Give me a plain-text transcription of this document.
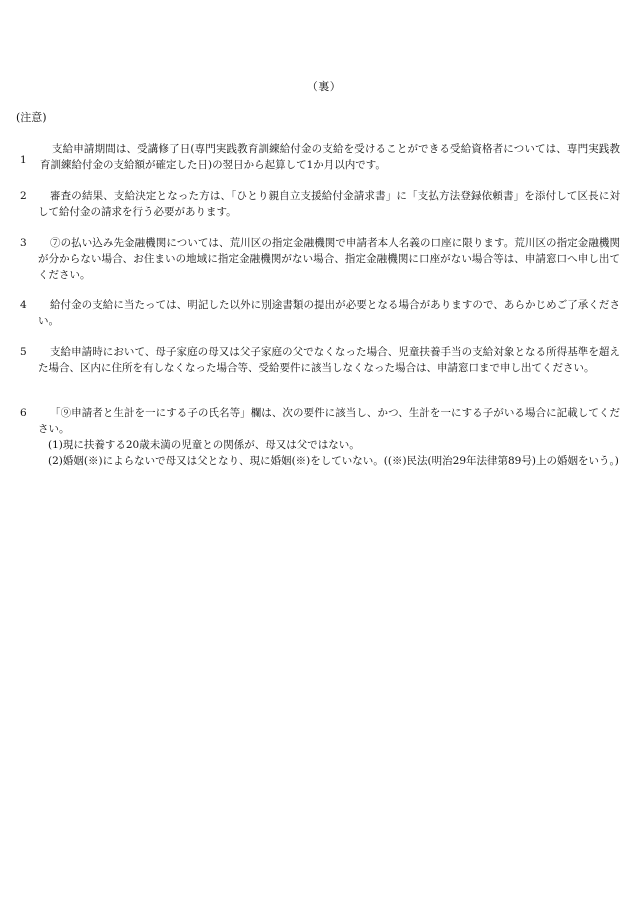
（裏）
(注意)
1
支給申請期間は、受講修了日(専門実践教育訓練給付金の支給を受けることができる受給資格者については、専門実践教育訓練給付金の支給額が確定した日)の翌日から起算して1か月以内です。
2	審査の結果、支給決定となった方は、「ひとり親自立支援給付金請求書」に「支払方法登録依頼書」を添付して区長に対して給付金の請求を行う必要があります。
3	⑦の払い込み先金融機関については、荒川区の指定金融機関で申請者本人名義の口座に限ります。荒川区の指定金融機関が分からない場合、お住まいの地域に指定金融機関がない場合、指定金融機関に口座がない場合等は、申請窓口へ申し出てください。
4	給付金の支給に当たっては、明記した以外に別途書類の提出が必要となる場合がありますので、あらかじめご了承ください。
5	支給申請時において、母子家庭の母又は父子家庭の父でなくなった場合、児童扶養手当の支給対象となる所得基準を超えた場合、区内に住所を有しなくなった場合等、受給要件に該当しなくなった場合は、申請窓口まで申し出てください。
6	「⑨申請者と生計を一にする子の氏名等」欄は、次の要件に該当し、かつ、生計を一にする子がいる場合に記載してください。
(1)現に扶養する20歳未満の児童との関係が、母又は父ではない。
(2)婚姻(※)によらないで母又は父となり、現に婚姻(※)をしていない。((※)民法(明治29年法律第89号)上の婚姻をいう。)
